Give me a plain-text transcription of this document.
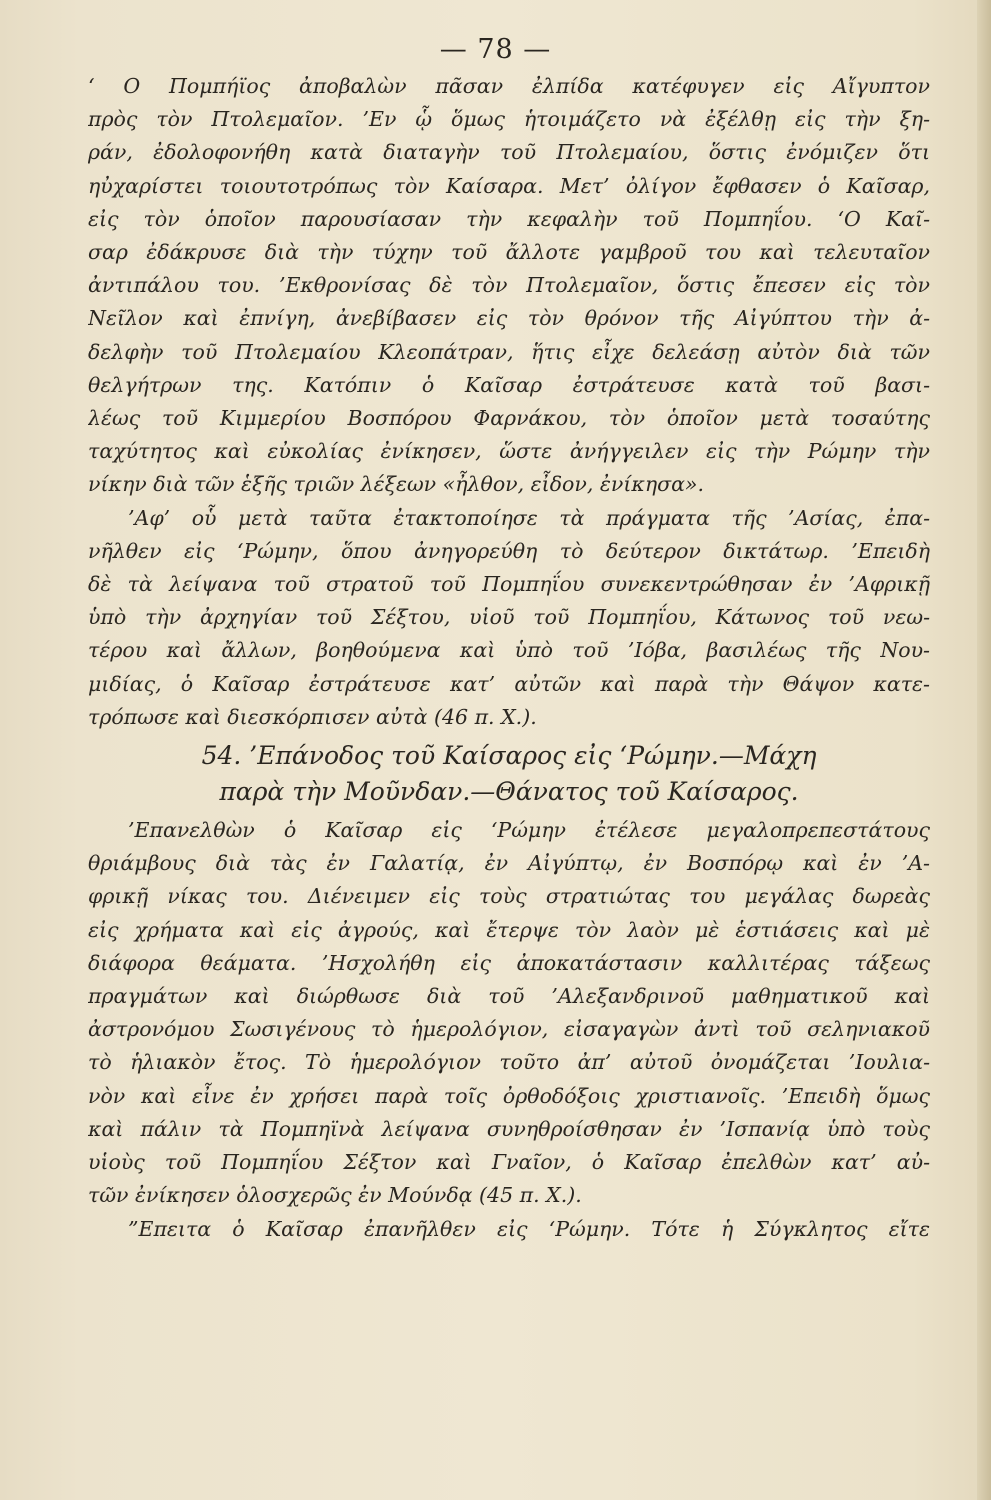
— 78 —
‘ Ο Πομπήϊος ἀποβαλὼν πᾶσαν ἐλπίδα κατέφυγεν εἰς Αἴγυπτον
πρὸς τὸν Πτολεμαῖον. ’Εν ᾧ ὅμως ἡτοιμάζετο νὰ ἐξέλθῃ εἰς τὴν ξη-
ράν, ἐδολοφονήθη κατὰ διαταγὴν τοῦ Πτολεμαίου, ὅστις ἐνόμιζεν ὅτι
ηὐχαρίστει τοιουτοτρόπως τὸν Καίσαρα. Μετ’ ὀλίγον ἔφθασεν ὁ Καῖσαρ,
εἰς τὸν ὁποῖον παρουσίασαν τὴν κεφαλὴν τοῦ Πομπηΐου. ‘Ο Καῖ-
σαρ ἐδάκρυσε διὰ τὴν τύχην τοῦ ἄλλοτε γαμβροῦ του καὶ τελευταῖον
ἀντιπάλου του. ’Εκθρονίσας δὲ τὸν Πτολεμαῖον, ὅστις ἔπεσεν εἰς τὸν
Νεῖλον καὶ ἐπνίγη, ἀνεβίβασεν εἰς τὸν θρόνον τῆς Αἰγύπτου τὴν ἀ-
δελφὴν τοῦ Πτολεμαίου Κλεοπάτραν, ἥτις εἶχε δελεάσῃ αὐτὸν διὰ τῶν
θελγήτρων της. Κατόπιν ὁ Καῖσαρ ἐστράτευσε κατὰ τοῦ βασι-
λέως τοῦ Κιμμερίου Βοσπόρου Φαρνάκου, τὸν ὁποῖον μετὰ τοσαύτης
ταχύτητος καὶ εὐκολίας ἐνίκησεν, ὥστε ἀνήγγειλεν εἰς τὴν Ρώμην τὴν
νίκην διὰ τῶν ἑξῆς τριῶν λέξεων «ἦλθον, εἶδον, ἐνίκησα».
’Αφ’ οὗ μετὰ ταῦτα ἐτακτοποίησε τὰ πράγματα τῆς ’Ασίας, ἐπα-
νῆλθεν εἰς ‘Ρώμην, ὅπου ἀνηγορεύθη τὸ δεύτερον δικτάτωρ. ’Επειδὴ
δὲ τὰ λείψανα τοῦ στρατοῦ τοῦ Πομπηΐου συνεκεντρώθησαν ἐν ’Αφρικῇ
ὑπὸ τὴν ἀρχηγίαν τοῦ Σέξτου, υἱοῦ τοῦ Πομπηΐου, Κάτωνος τοῦ νεω-
τέρου καὶ ἄλλων, βοηθούμενα καὶ ὑπὸ τοῦ ’Ιόβα, βασιλέως τῆς Νου-
μιδίας, ὁ Καῖσαρ ἐστράτευσε κατ’ αὐτῶν καὶ παρὰ τὴν Θάψον κατε-
τρόπωσε καὶ διεσκόρπισεν αὐτὰ (46 π. Χ.).
54. ’Επάνοδος τοῦ Καίσαρος εἰς ‘Ρώμην.—Μάχη
παρὰ τὴν Μοῦνδαν.—Θάνατος τοῦ Καίσαρος.
’Επανελθὼν ὁ Καῖσαρ εἰς ‘Ρώμην ἐτέλεσε μεγαλοπρεπεστάτους
θριάμβους διὰ τὰς ἐν Γαλατίᾳ, ἐν Αἰγύπτῳ, ἐν Βοσπόρῳ καὶ ἐν ’Α-
φρικῇ νίκας του. Διένειμεν εἰς τοὺς στρατιώτας του μεγάλας δωρεὰς
εἰς χρήματα καὶ εἰς ἀγρούς, καὶ ἔτερψε τὸν λαὸν μὲ ἑστιάσεις καὶ μὲ
διάφορα θεάματα. ’Ησχολήθη εἰς ἀποκατάστασιν καλλιτέρας τάξεως
πραγμάτων καὶ διώρθωσε διὰ τοῦ ’Αλεξανδρινοῦ μαθηματικοῦ καὶ
ἀστρονόμου Σωσιγένους τὸ ἡμερολόγιον, εἰσαγαγὼν ἀντὶ τοῦ σεληνιακοῦ
τὸ ἡλιακὸν ἔτος. Τὸ ἡμερολόγιον τοῦτο ἀπ’ αὐτοῦ ὀνομάζεται ’Ιουλια-
νὸν καὶ εἶνε ἐν χρήσει παρὰ τοῖς ὀρθοδόξοις χριστιανοῖς. ’Επειδὴ ὅμως
καὶ πάλιν τὰ Πομπηϊνὰ λείψανα συνηθροίσθησαν ἐν ’Ισπανίᾳ ὑπὸ τοὺς
υἱοὺς τοῦ Πομπηΐου Σέξτον καὶ Γναῖον, ὁ Καῖσαρ ἐπελθὼν κατ’ αὐ-
τῶν ἐνίκησεν ὁλοσχερῶς ἐν Μούνδᾳ (45 π. Χ.).
”Επειτα ὁ Καῖσαρ ἐπανῆλθεν εἰς ‘Ρώμην. Τότε ἡ Σύγκλητος εἴτε
